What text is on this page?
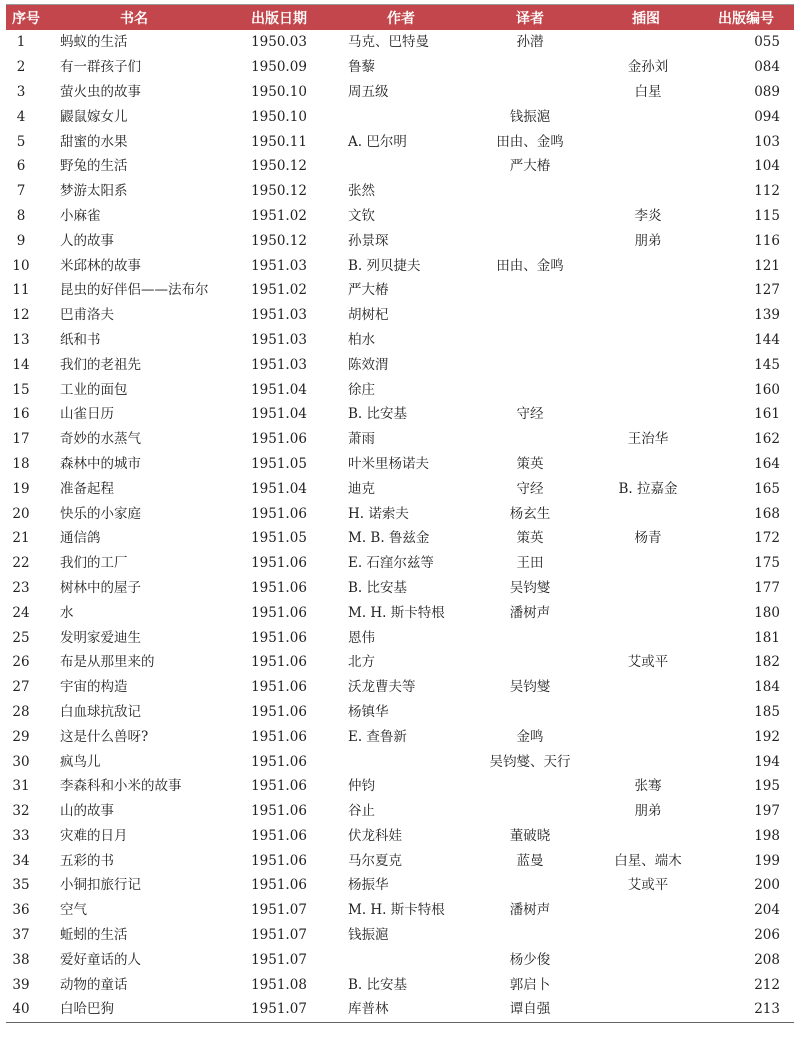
序号	书名	出版日期	作者	译者	插图	出版编号
1	蚂蚁的生活	1950.03	马克、巴特曼	孙潜		055
2	有一群孩子们	1950.09	鲁藜		金孙刘	084
3	萤火虫的故事	1950.10	周五级		白星	089
4	鼹鼠嫁女儿	1950.10		钱振滬		094
5	甜蜜的水果	1950.11	A. 巴尔明	田由、金鸣		103
6	野兔的生活	1950.12		严大椿		104
7	梦游太阳系	1950.12	张然			112
8	小麻雀	1951.02	文钦		李炎	115
9	人的故事	1950.12	孙景琛		朋弟	116
10	米邱林的故事	1951.03	B. 列贝捷夫	田由、金鸣		121
11	昆虫的好伴侣——法布尔	1951.02	严大椿			127
12	巴甫洛夫	1951.03	胡树杞			139
13	纸和书	1951.03	柏水			144
14	我们的老祖先	1951.03	陈效渭			145
15	工业的面包	1951.04	徐庄			160
16	山雀日历	1951.04	B. 比安基	守经		161
17	奇妙的水蒸气	1951.06	萧雨		王治华	162
18	森林中的城市	1951.05	叶米里杨诺夫	策英		164
19	准备起程	1951.04	迪克	守经	B. 拉嘉金	165
20	快乐的小家庭	1951.06	H. 诺索夫	杨玄生		168
21	通信鸽	1951.05	M. B. 鲁兹金	策英	杨青	172
22	我们的工厂	1951.06	E. 石窪尔兹等	王田		175
23	树林中的屋子	1951.06	B. 比安基	吴钧燮		177
24	水	1951.06	M. H. 斯卡特根	潘树声		180
25	发明家爱迪生	1951.06	恩伟			181
26	布是从那里来的	1951.06	北方		艾或平	182
27	宇宙的构造	1951.06	沃龙曹夫等	吴钧燮		184
28	白血球抗敌记	1951.06	杨镇华			185
29	这是什么兽呀?	1951.06	E. 查鲁新	金鸣		192
30	疯鸟儿	1951.06		吴钧燮、天行		194
31	李森科和小米的故事	1951.06	仲钧		张骞	195
32	山的故事	1951.06	谷止		朋弟	197
33	灾难的日月	1951.06	伏龙科娃	董破晓		198
34	五彩的书	1951.06	马尔夏克	蓝曼	白星、端木	199
35	小铜扣旅行记	1951.06	杨振华		艾或平	200
36	空气	1951.07	M. H. 斯卡特根	潘树声		204
37	蚯蚓的生活	1951.07	钱振滬			206
38	爱好童话的人	1951.07		杨少俊		208
39	动物的童话	1951.08	B. 比安基	郭启卜		212
40	白哈巴狗	1951.07	库普林	谭自强		213
